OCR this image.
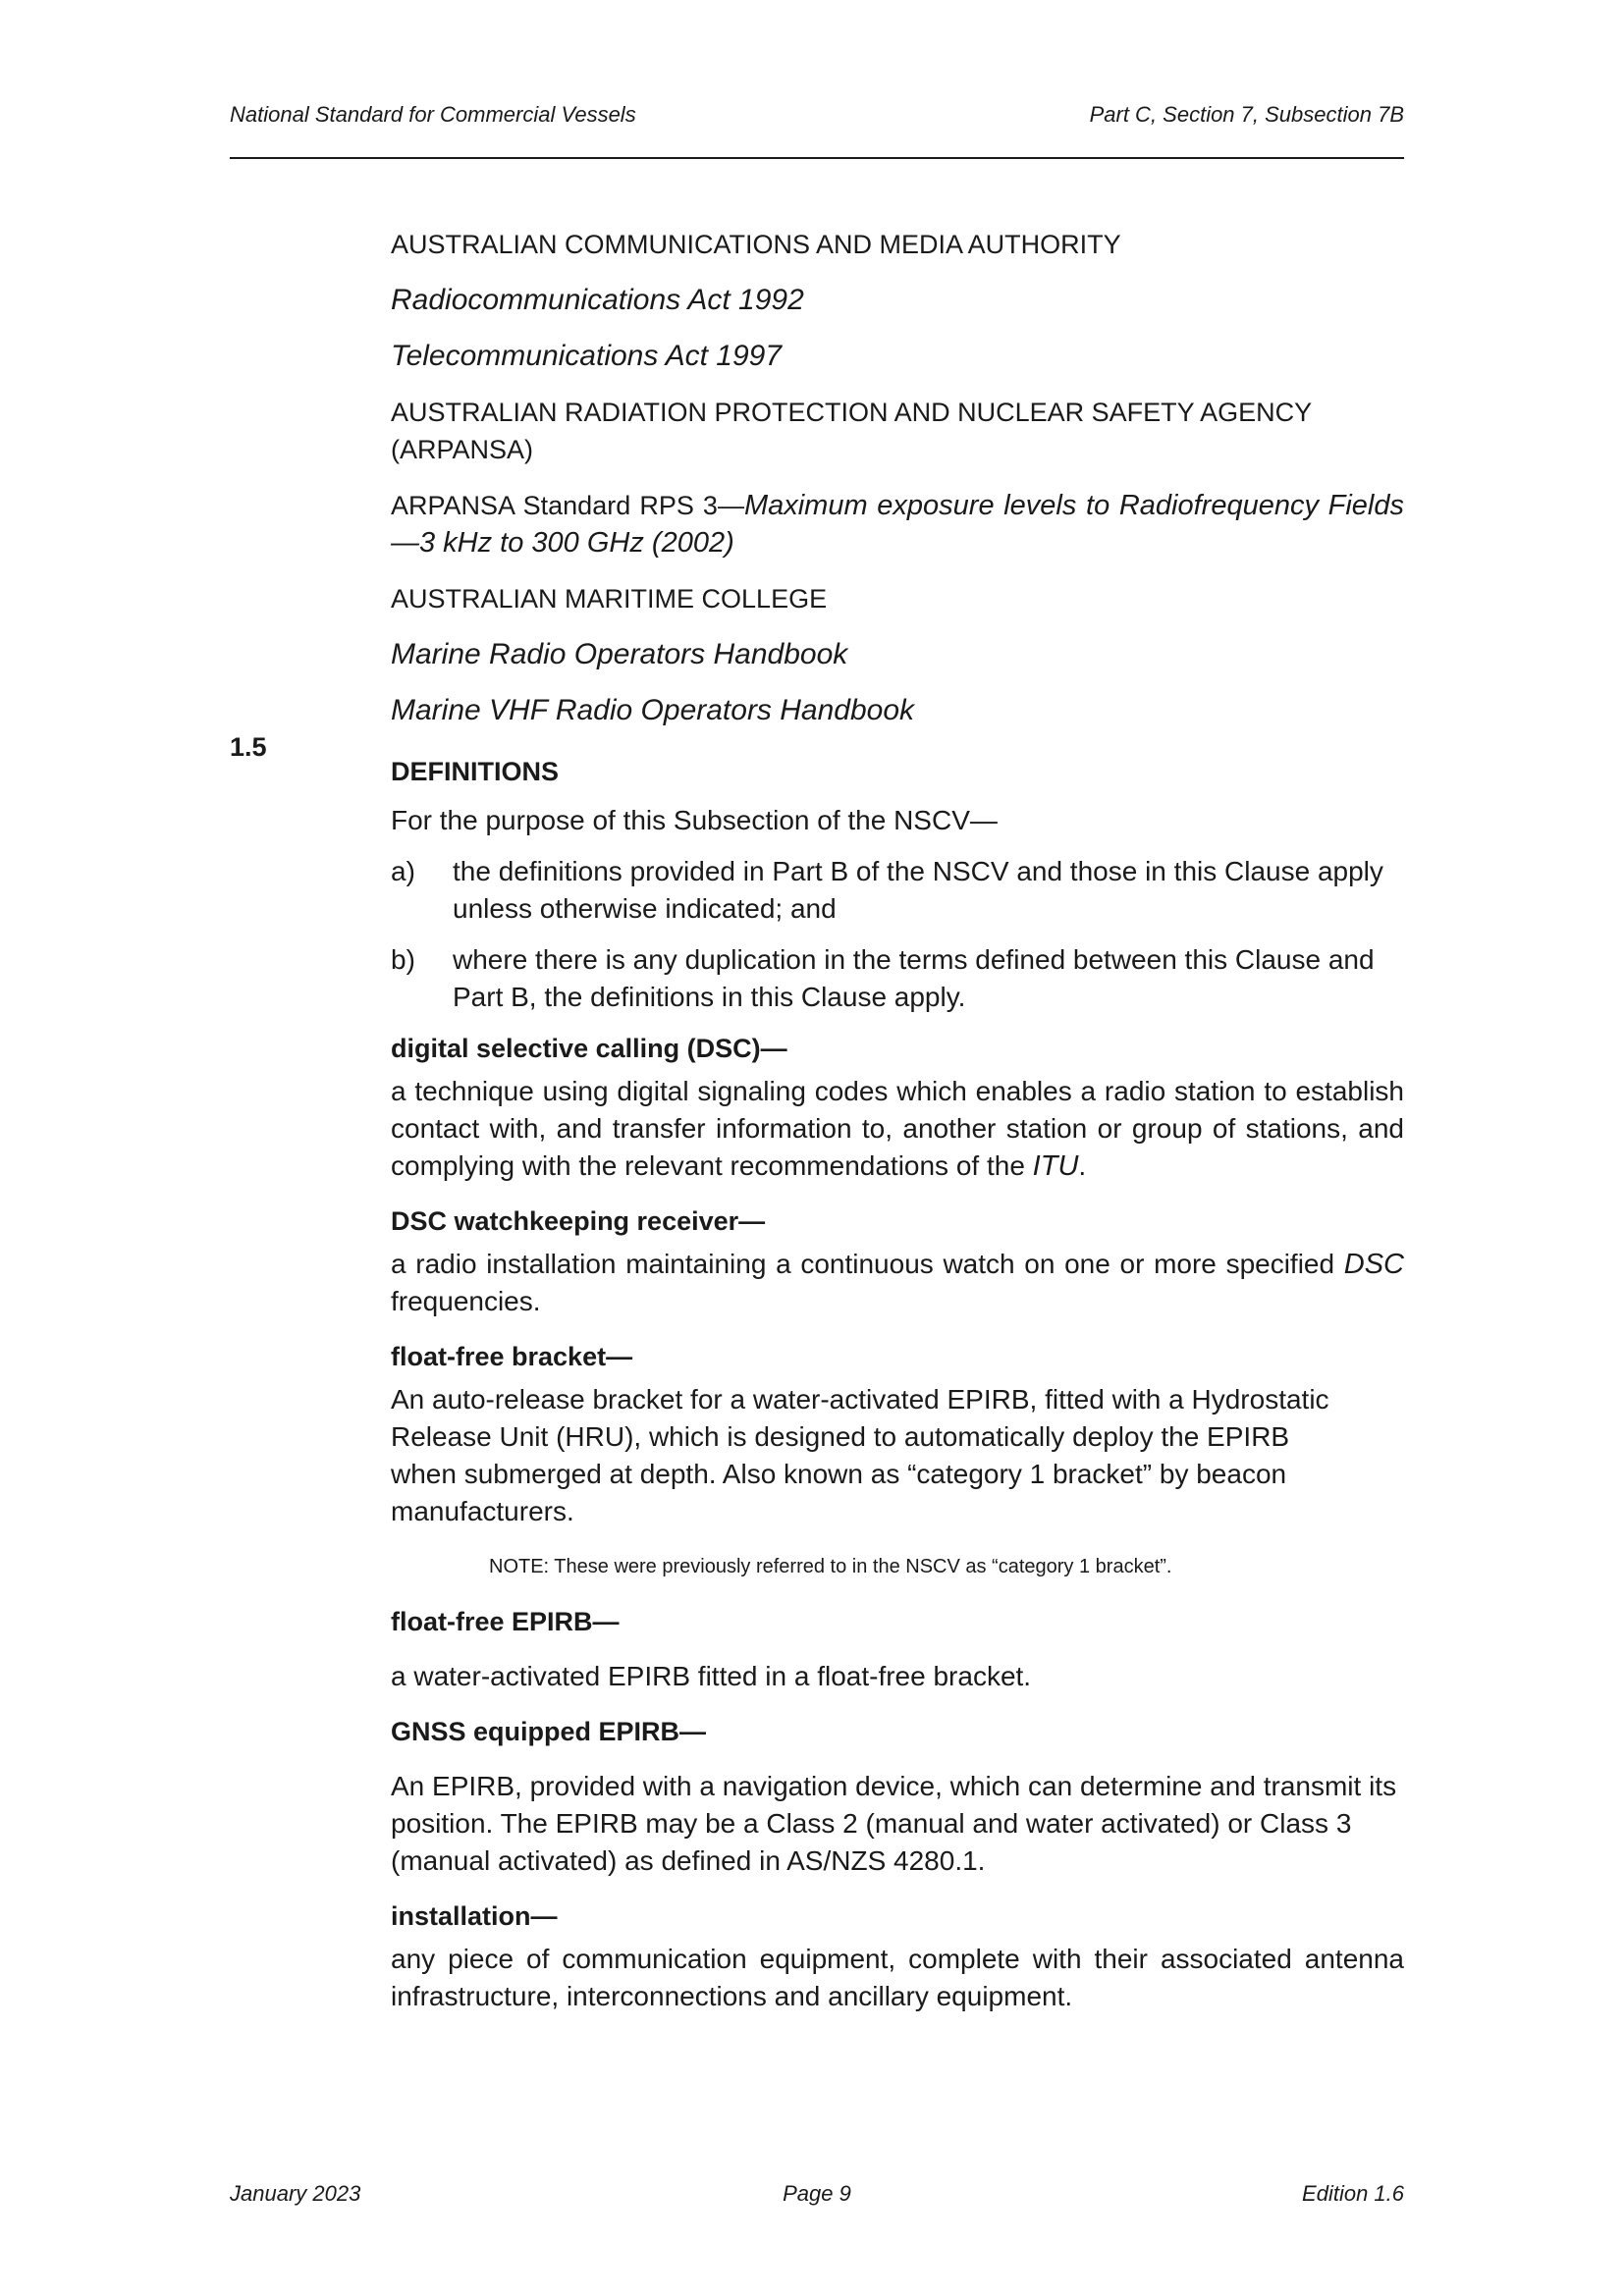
National Standard for Commercial Vessels	Part C, Section 7, Subsection 7B
1.5
AUSTRALIAN COMMUNICATIONS AND MEDIA AUTHORITY
Radiocommunications Act 1992
Telecommunications Act 1997
AUSTRALIAN RADIATION PROTECTION AND NUCLEAR SAFETY AGENCY (ARPANSA)
ARPANSA Standard RPS 3—Maximum exposure levels to Radiofrequency Fields—3 kHz to 300 GHz (2002)
AUSTRALIAN MARITIME COLLEGE
Marine Radio Operators Handbook
Marine VHF Radio Operators Handbook
DEFINITIONS
For the purpose of this Subsection of the NSCV—
a) the definitions provided in Part B of the NSCV and those in this Clause apply unless otherwise indicated; and
b) where there is any duplication in the terms defined between this Clause and Part B, the definitions in this Clause apply.
digital selective calling (DSC)—
a technique using digital signaling codes which enables a radio station to establish contact with, and transfer information to, another station or group of stations, and complying with the relevant recommendations of the ITU.
DSC watchkeeping receiver—
a radio installation maintaining a continuous watch on one or more specified DSC frequencies.
float-free bracket—
An auto-release bracket for a water-activated EPIRB, fitted with a Hydrostatic Release Unit (HRU), which is designed to automatically deploy the EPIRB when submerged at depth. Also known as “category 1 bracket” by beacon manufacturers.
NOTE: These were previously referred to in the NSCV as “category 1 bracket”.
float-free EPIRB—
a water-activated EPIRB fitted in a float-free bracket.
GNSS equipped EPIRB—
An EPIRB, provided with a navigation device, which can determine and transmit its position. The EPIRB may be a Class 2 (manual and water activated) or Class 3 (manual activated) as defined in AS/NZS 4280.1.
installation—
any piece of communication equipment, complete with their associated antenna infrastructure, interconnections and ancillary equipment.
January 2023	Page 9	Edition 1.6
